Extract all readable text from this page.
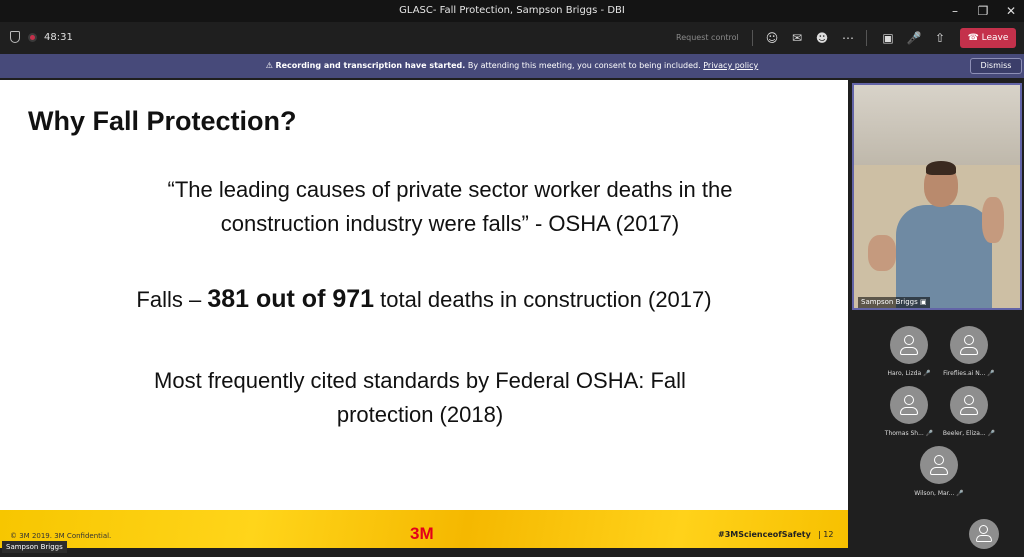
GLASC- Fall Protection, Sampson Briggs - DBI	–	❐	✕
48:31	Request control	☺	✉	☻	⋯	▣	🎤	⇧	☎ Leave
⚠ Recording and transcription have started. By attending this meeting, you consent to being included. Privacy policy	Dismiss
Why Fall Protection?
“The leading causes of private sector worker deaths in the
construction industry were falls” - OSHA (2017)
Falls – 381 out of 971 total deaths in construction (2017)
Most frequently cited standards by Federal OSHA: Fall
protection (2018)
© 3M 2019. 3M Confidential.	3M	#3MScienceofSafety | 12
Sampson Briggs
Sampson Briggs ▣
Haro, Lizda 🎤	Fireflies.ai N... 🎤
Thomas Sh... 🎤	Beeler, Eliza... 🎤
Wilson, Mar... 🎤
